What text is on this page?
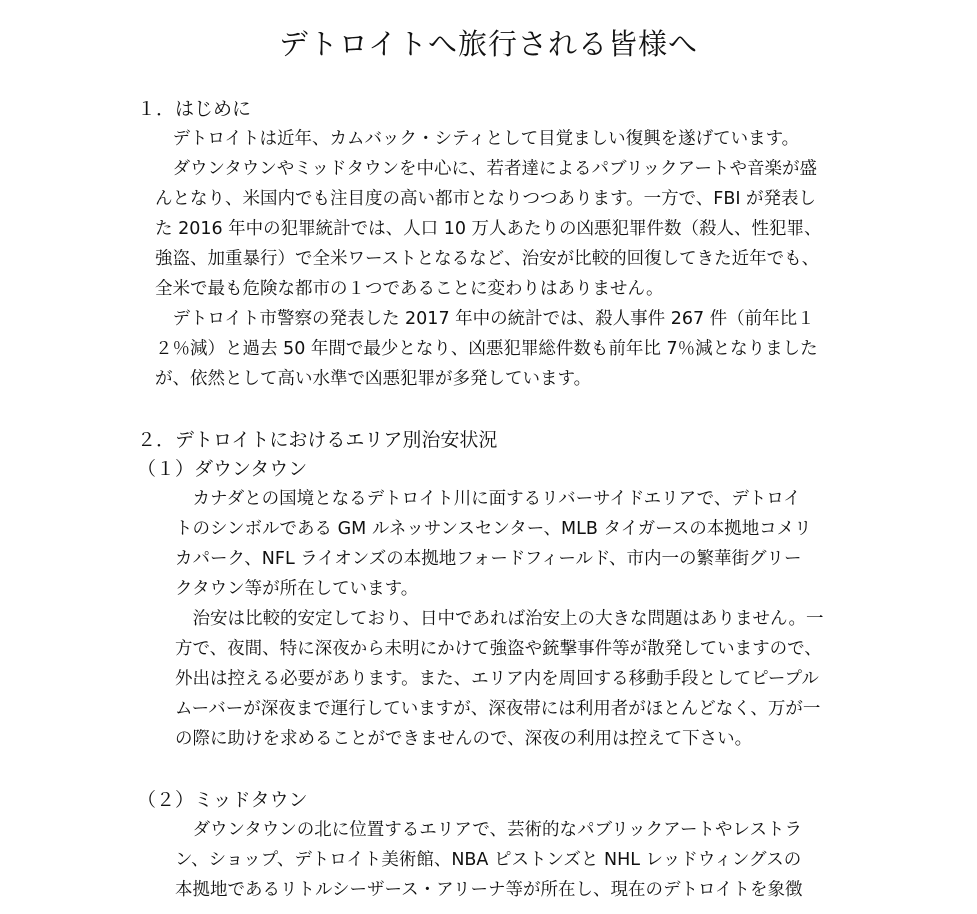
デトロイトへ旅行される皆様へ
１．はじめに
　デトロイトは近年、カムバック・シティとして目覚ましい復興を遂げています。
　ダウンタウンやミッドタウンを中心に、若者達によるパブリックアートや音楽が盛
んとなり、米国内でも注目度の高い都市となりつつあります。一方で、FBI が発表し
た 2016 年中の犯罪統計では、人口 10 万人あたりの凶悪犯罪件数（殺人、性犯罪、
強盗、加重暴行）で全米ワーストとなるなど、治安が比較的回復してきた近年でも、
全米で最も危険な都市の１つであることに変わりはありません。
　デトロイト市警察の発表した 2017 年中の統計では、殺人事件 267 件（前年比１
２％減）と過去 50 年間で最少となり、凶悪犯罪総件数も前年比 7％減となりました
が、依然として高い水準で凶悪犯罪が多発しています。
２．デトロイトにおけるエリア別治安状況
（１）ダウンタウン
　カナダとの国境となるデトロイト川に面するリバーサイドエリアで、デトロイ
トのシンボルである GM ルネッサンスセンター、MLB タイガースの本拠地コメリ
カパーク、NFL ライオンズの本拠地フォードフィールド、市内一の繁華街グリー
クタウン等が所在しています。
　治安は比較的安定しており、日中であれば治安上の大きな問題はありません。一
方で、夜間、特に深夜から未明にかけて強盗や銃撃事件等が散発していますので、
外出は控える必要があります。また、エリア内を周回する移動手段としてピープル
ムーバーが深夜まで運行していますが、深夜帯には利用者がほとんどなく、万が一
の際に助けを求めることができませんので、深夜の利用は控えて下さい。
（２）ミッドタウン
　ダウンタウンの北に位置するエリアで、芸術的なパブリックアートやレストラ
ン、ショップ、デトロイト美術館、NBA ピストンズと NHL レッドウィングスの
本拠地であるリトルシーザース・アリーナ等が所在し、現在のデトロイトを象徴
